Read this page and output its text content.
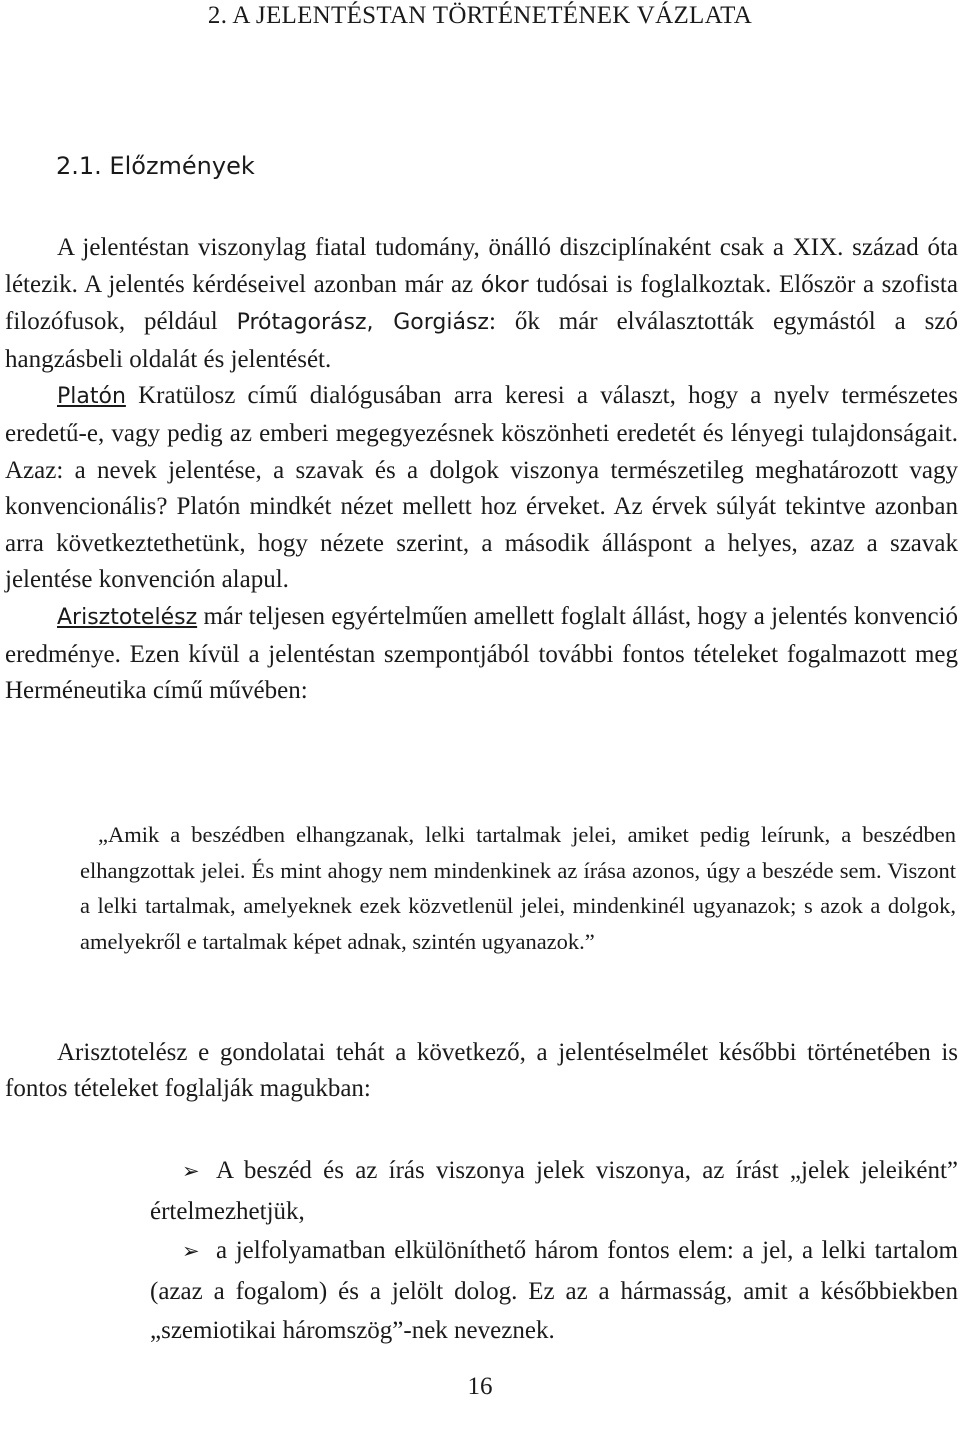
2. A JELENTÉSTAN TÖRTÉNETÉNEK VÁZLATA
2.1. Előzmények

A jelentéstan viszonylag fiatal tudomány, önálló diszciplínaként csak a XIX. század óta létezik. A jelentés kérdéseivel azonban már az ókor tudósai is foglalkoztak. Először a szofista filozófusok, például Prótagorász, Gorgiász: ők már elválasztották egymástól a szó hangzásbeli oldalát és jelentését.

Platón Kratülosz című dialógusában arra keresi a választ, hogy a nyelv természetes eredetű-e, vagy pedig az emberi megegyezésnek köszönheti eredetét és lényegi tulajdonságait. Azaz: a nevek jelentése, a szavak és a dolgok viszonya természetileg meghatározott vagy konvencionális? Platón mindkét nézet mellett hoz érveket. Az érvek súlyát tekintve azonban arra következtethetünk, hogy nézete szerint, a második álláspont a helyes, azaz a szavak jelentése konvención alapul.

Arisztotelész már teljesen egyértelműen amellett foglalt állást, hogy a jelentés konvenció eredménye. Ezen kívül a jelentéstan szempontjából további fontos tételeket fogalmazott meg Herméneutika című művében:

„Amik a beszédben elhangzanak, lelki tartalmak jelei, amiket pedig leírunk, a beszédben elhangzottak jelei. És mint ahogy nem mindenkinek az írása azonos, úgy a beszéde sem. Viszont a lelki tartalmak, amelyeknek ezek közvetlenül jelei, mindenkinél ugyanazok; s azok a dolgok, amelyekről e tartalmak képet adnak, szintén ugyanazok.”

Arisztotelész e gondolatai tehát a következő, a jelentéselmélet későbbi történetében is fontos tételeket foglalják magukban:

➢ A beszéd és az írás viszonya jelek viszonya, az írást „jelek jeleiként” értelmezhetjük,
➢ a jelfolyamatban elkülöníthető három fontos elem: a jel, a lelki tartalom (azaz a fogalom) és a jelölt dolog. Ez az a hármasság, amit a későbbiekben „szemiotikai háromszög”-nek neveznek.
16
